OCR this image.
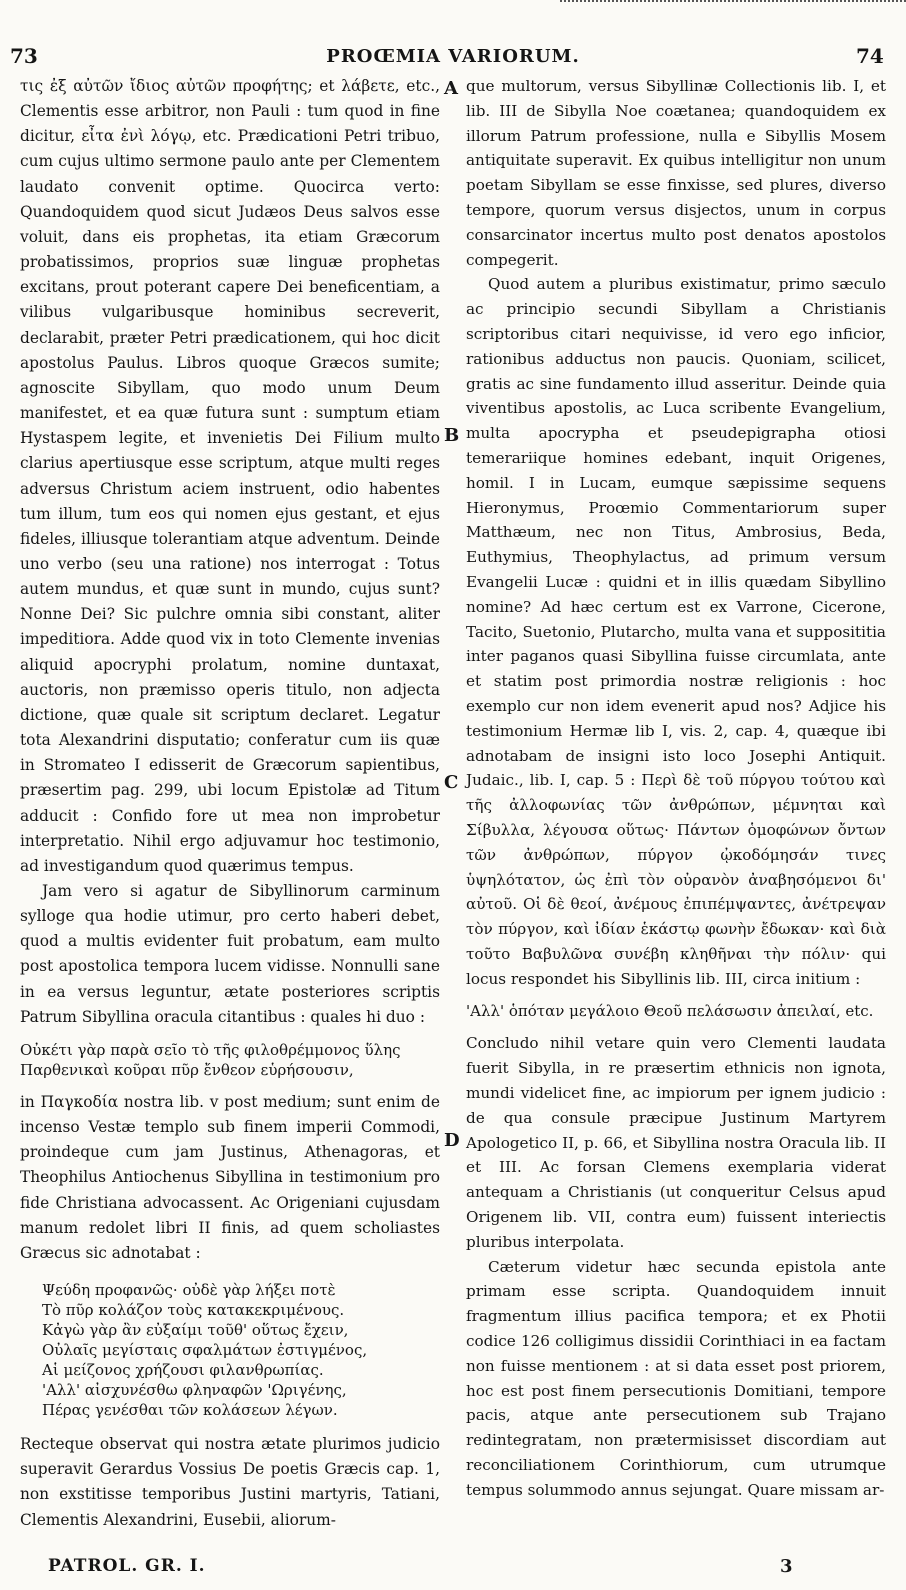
73	PROŒMIA VARIORUM.	74

τις ἐξ αὐτῶν ἴδιος αὐτῶν προφήτης; et λάβετε, etc., Clementis esse arbitror, non Pauli : tum quod in fine dicitur, εἶτα ἐνὶ λόγῳ, etc. Prædicationi Petri tribuo, cum cujus ultimo sermone paulo ante per Clementem laudato convenit optime. Quocirca verto: Quandoquidem quod sicut Judæos Deus salvos esse voluit, dans eis prophetas, ita etiam Græcorum probatissimos, proprios suæ linguæ prophetas excitans, prout poterant capere Dei beneficentiam, a vilibus vulgaribusque hominibus secreverit, declarabit, præter Petri prædicationem, qui hoc dicit apostolus Paulus. Libros quoque Græcos sumite; agnoscite Sibyllam, quo modo unum Deum manifestet, et ea quæ futura sunt : sumptum etiam Hystaspem legite, et invenietis Dei Filium multo clarius apertiusque esse scriptum, atque multi reges adversus Christum aciem instruent, odio habentes tum illum, tum eos qui nomen ejus gestant, et ejus fideles, illiusque tolerantiam atque adventum. Deinde uno verbo (seu una ratione) nos interrogat : Totus autem mundus, et quæ sunt in mundo, cujus sunt? Nonne Dei? Sic pulchre omnia sibi constant, aliter impeditiora. Adde quod vix in toto Clemente invenias aliquid apocryphi prolatum, nomine duntaxat, auctoris, non præmisso operis titulo, non adjecta dictione, quæ quale sit scriptum declaret. Legatur tota Alexandrini disputatio; conferatur cum iis quæ in Stromateo I edisserit de Græcorum sapientibus, præsertim pag. 299, ubi locum Epistolæ ad Titum adducit : Confido fore ut mea non improbetur interpretatio. Nihil ergo adjuvamur hoc testimonio, ad investigandum quod quærimus tempus.

Jam vero si agatur de Sibyllinorum carminum sylloge qua hodie utimur, pro certo haberi debet, quod a multis evidenter fuit probatum, eam multo post apostolica tempora lucem vidisse. Nonnulli sane in ea versus leguntur, ætate posteriores scriptis Patrum Sibyllina oracula citantibus : quales hi duo :

Οὐκέτι γὰρ παρὰ σεῖο τὸ τῆς φιλοθρέμμονος ὕλης
Παρθενικαὶ κοῦραι πῦρ ἔνθεον εὑρήσουσιν,

in Παγκοδία nostra lib. v post medium; sunt enim de incenso Vestæ templo sub finem imperii Commodi, proindeque cum jam Justinus, Athenagoras, et Theophilus Antiochenus Sibyllina in testimonium pro fide Christiana advocassent. Ac Origeniani cujusdam manum redolet libri II finis, ad quem scholiastes Græcus sic adnotabat :

Ψεύδη προφανῶς· οὐδὲ γὰρ λήξει ποτὲ
Τὸ πῦρ κολάζον τοὺς κατακεκριμένους.
Κἀγὼ γὰρ ἂν εὐξαίμι τοῦθ' οὕτως ἔχειν,
Οὐλαῖς μεγίσταις σφαλμάτων ἐστιγμένος,
Αἱ μείζονος χρήζουσι φιλανθρωπίας.
'Αλλ' αἰσχυνέσθω φληναφῶν 'Ωριγένης,
Πέρας γενέσθαι τῶν κολάσεων λέγων.

Recteque observat qui nostra ætate plurimos judicio superavit Gerardus Vossius De poetis Græcis cap. 1, non exstitisse temporibus Justini martyris, Tatiani, Clementis Alexandrini, Eusebii, aliorum-

A
B
C
D

que multorum, versus Sibyllinæ Collectionis lib. I, et lib. III de Sibylla Noe coætanea; quandoquidem ex illorum Patrum professione, nulla e Sibyllis Mosem antiquitate superavit. Ex quibus intelligitur non unum poetam Sibyllam se esse finxisse, sed plures, diverso tempore, quorum versus disjectos, unum in corpus consarcinator incertus multo post denatos apostolos compegerit.

Quod autem a pluribus existimatur, primo sæculo ac principio secundi Sibyllam a Christianis scriptoribus citari nequivisse, id vero ego inficior, rationibus adductus non paucis. Quoniam, scilicet, gratis ac sine fundamento illud asseritur. Deinde quia viventibus apostolis, ac Luca scribente Evangelium, multa apocrypha et pseudepigrapha otiosi temerariique homines edebant, inquit Origenes, homil. I in Lucam, eumque sæpissime sequens Hieronymus, Proœmio Commentariorum super Matthæum, nec non Titus, Ambrosius, Beda, Euthymius, Theophylactus, ad primum versum Evangelii Lucæ : quidni et in illis quædam Sibyllino nomine? Ad hæc certum est ex Varrone, Cicerone, Tacito, Suetonio, Plutarcho, multa vana et supposititia inter paganos quasi Sibyllina fuisse circumlata, ante et statim post primordia nostræ religionis : hoc exemplo cur non idem evenerit apud nos? Adjice his testimonium Hermæ lib I, vis. 2, cap. 4, quæque ibi adnotabam de insigni isto loco Josephi Antiquit. Judaic., lib. I, cap. 5 : Περὶ δὲ τοῦ πύργου τούτου καὶ τῆς ἀλλοφωνίας τῶν ἀνθρώπων, μέμνηται καὶ Σίβυλλα, λέγουσα οὕτως· Πάντων ὁμοφώνων ὄντων τῶν ἀνθρώπων, πύργον ᾠκοδόμησάν τινες ὑψηλότατον, ὡς ἐπὶ τὸν οὐρανὸν ἀναβησόμενοι δι' αὐτοῦ. Οἱ δὲ θεοί, ἀνέμους ἐπιπέμψαντες, ἀνέτρεψαν τὸν πύργον, καὶ ἰδίαν ἑκάστῳ φωνὴν ἔδωκαν· καὶ διὰ τοῦτο Βαβυλῶνα συνέβη κληθῆναι τὴν πόλιν· qui locus respondet his Sibyllinis lib. III, circa initium :

'Αλλ' ὁπόταν μεγάλοιο Θεοῦ πελάσωσιν ἀπειλαί, etc.

Concludo nihil vetare quin vero Clementi laudata fuerit Sibylla, in re præsertim ethnicis non ignota, mundi videlicet fine, ac impiorum per ignem judicio : de qua consule præcipue Justinum Martyrem Apologetico II, p. 66, et Sibyllina nostra Oracula lib. II et III. Ac forsan Clemens exemplaria viderat antequam a Christianis (ut conqueritur Celsus apud Origenem lib. VII, contra eum) fuissent interiectis pluribus interpolata.

Cæterum videtur hæc secunda epistola ante primam esse scripta. Quandoquidem innuit fragmentum illius pacifica tempora; et ex Photii codice 126 colligimus dissidii Corinthiaci in ea factam non fuisse mentionem : at si data esset post priorem, hoc est post finem persecutionis Domitiani, tempore pacis, atque ante persecutionem sub Trajano redintegratam, non prætermisisset discordiam aut reconciliationem Corinthiorum, cum utrumque tempus solummodo annus sejungat. Quare missam ar-

PATROL. GR. I.	3
